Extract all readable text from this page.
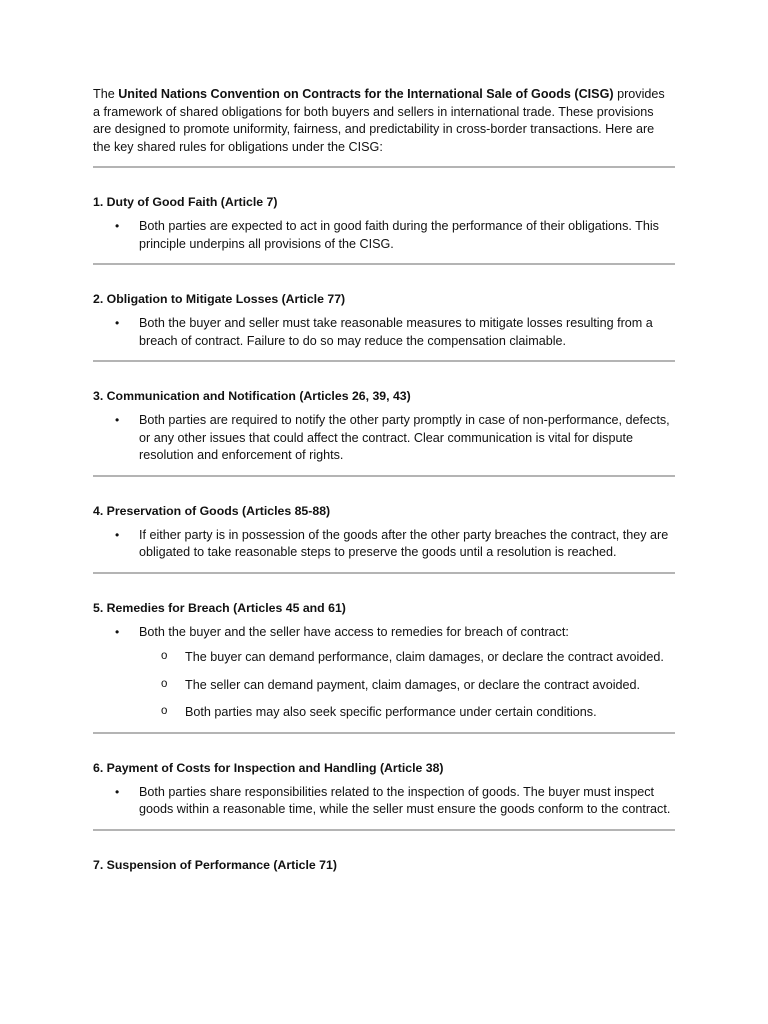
The United Nations Convention on Contracts for the International Sale of Goods (CISG) provides a framework of shared obligations for both buyers and sellers in international trade. These provisions are designed to promote uniformity, fairness, and predictability in cross-border transactions. Here are the key shared rules for obligations under the CISG:

1. Duty of Good Faith (Article 7)

• Both parties are expected to act in good faith during the performance of their obligations. This principle underpins all provisions of the CISG.

2. Obligation to Mitigate Losses (Article 77)

• Both the buyer and seller must take reasonable measures to mitigate losses resulting from a breach of contract. Failure to do so may reduce the compensation claimable.

3. Communication and Notification (Articles 26, 39, 43)

• Both parties are required to notify the other party promptly in case of non-performance, defects, or any other issues that could affect the contract. Clear communication is vital for dispute resolution and enforcement of rights.

4. Preservation of Goods (Articles 85-88)

• If either party is in possession of the goods after the other party breaches the contract, they are obligated to take reasonable steps to preserve the goods until a resolution is reached.

5. Remedies for Breach (Articles 45 and 61)

• Both the buyer and the seller have access to remedies for breach of contract:
o The buyer can demand performance, claim damages, or declare the contract avoided.
o The seller can demand payment, claim damages, or declare the contract avoided.
o Both parties may also seek specific performance under certain conditions.

6. Payment of Costs for Inspection and Handling (Article 38)

• Both parties share responsibilities related to the inspection of goods. The buyer must inspect goods within a reasonable time, while the seller must ensure the goods conform to the contract.

7. Suspension of Performance (Article 71)
